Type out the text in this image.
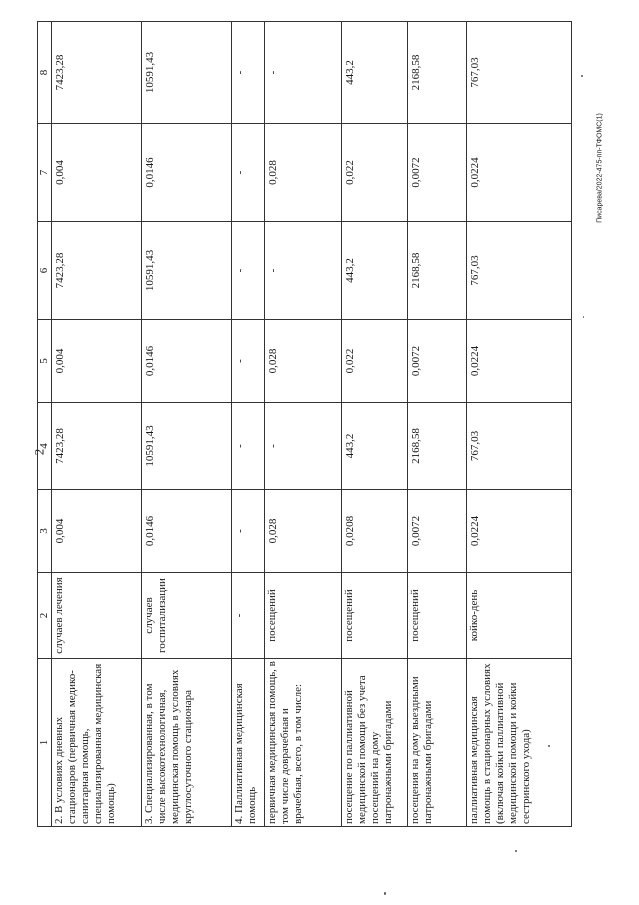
2
Писарева/2022-475-пп-ТФОМС(1)
1	2	3	4	5	6	7	8
2. В условиях дневных стационаров (первичная медико-санитарная помощь, специализированная медицинская помощь)	случаев лечения	0,004	7423,28	0,004	7423,28	0,004	7423,28
3. Специализированная, в том числе высокотехнологичная, медицинская помощь в условиях круглосуточного стационара	случаев госпитализации	0,0146	10591,43	0,0146	10591,43	0,0146	10591,43
4. Паллиативная медицинская помощь	-	-	-	-	-	-	-
первичная медицинская помощь, в том числе доврачебная и врачебная, всего, в том числе:	посещений	0,028	-	0,028	-	0,028	-
посещение по паллиативной медицинской помощи без учета посещений на дому патронажными бригадами	посещений	0,0208	443,2	0,022	443,2	0,022	443,2
посещения на дому выездными патронажными бригадами	посещений	0,0072	2168,58	0,0072	2168,58	0,0072	2168,58
паллиативная медицинская помощь в стационарных условиях (включая койки паллиативной медицинской помощи и койки сестринского ухода)	койко-день	0,0224	767,03	0,0224	767,03	0,0224	767,03
